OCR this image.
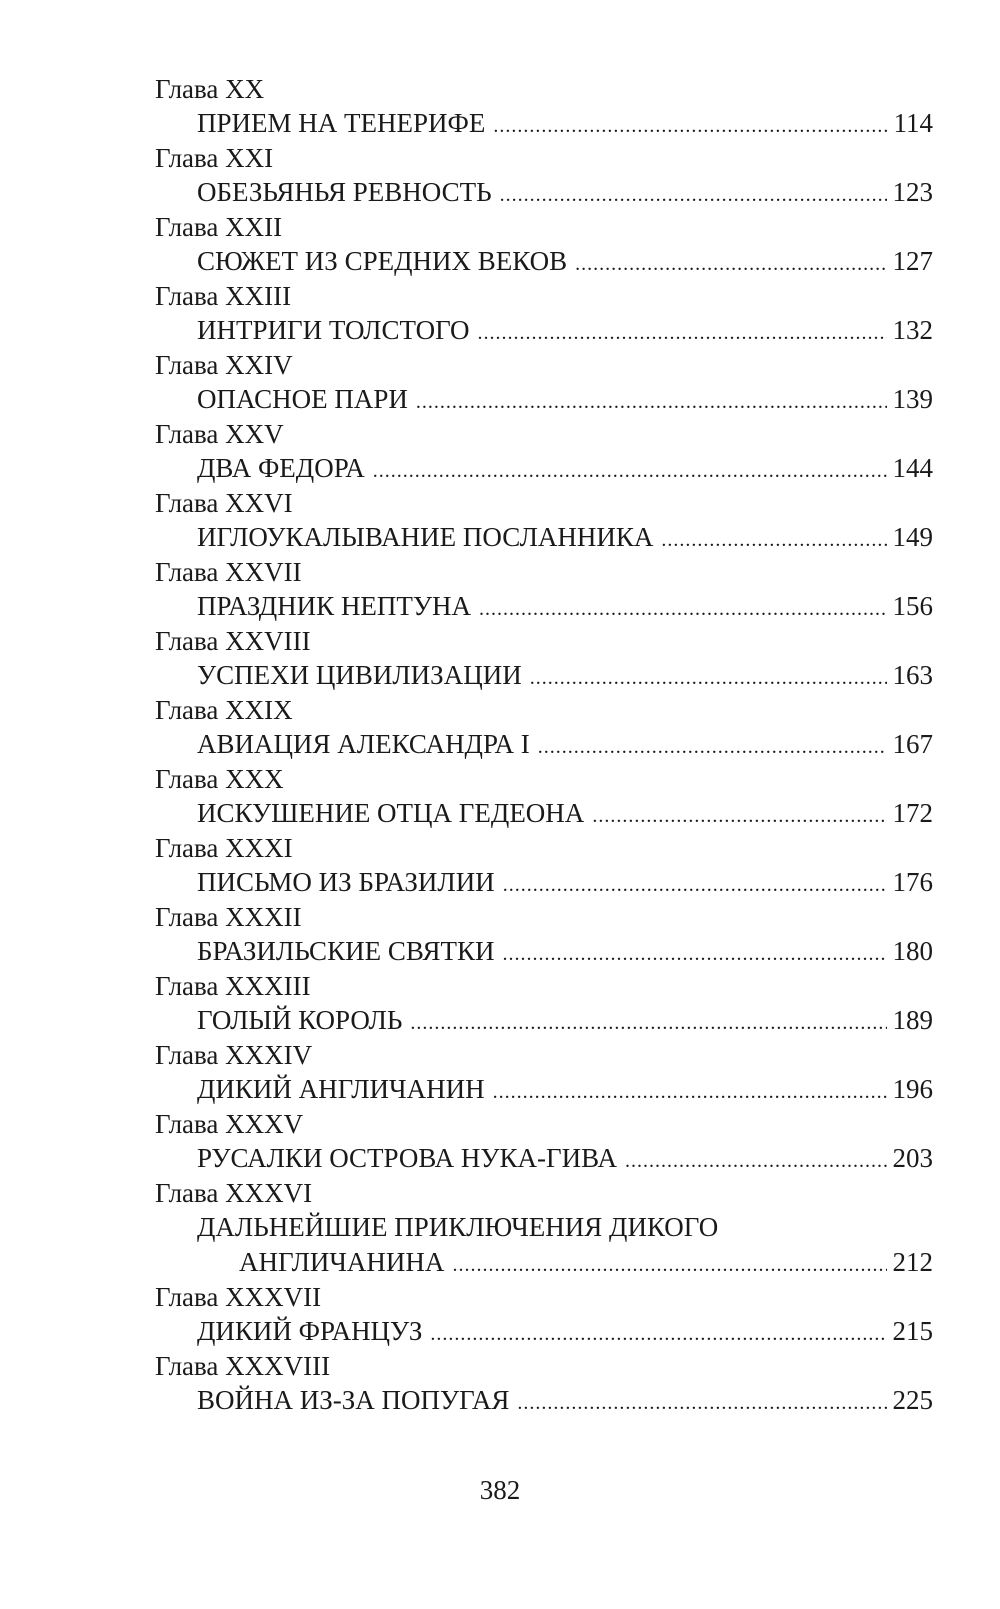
Глава XX
ПРИЕМ НА ТЕНЕРИФЕ .....	114
Глава XXI
ОБЕЗЬЯНЬЯ РЕВНОСТЬ .....	123
Глава XXII
СЮЖЕТ ИЗ СРЕДНИХ ВЕКОВ .....	127
Глава XXIII
ИНТРИГИ ТОЛСТОГО .....	132
Глава XXIV
ОПАСНОЕ ПАРИ .....	139
Глава XXV
ДВА ФЕДОРА .....	144
Глава XXVI
ИГЛОУКАЛЫВАНИЕ ПОСЛАННИКА .....	149
Глава XXVII
ПРАЗДНИК НЕПТУНА .....	156
Глава XXVIII
УСПЕХИ ЦИВИЛИЗАЦИИ .....	163
Глава XXIX
АВИАЦИЯ АЛЕКСАНДРА I .....	167
Глава XXX
ИСКУШЕНИЕ ОТЦА ГЕДЕОНА .....	172
Глава XXXI
ПИСЬМО ИЗ БРАЗИЛИИ .....	176
Глава XXXII
БРАЗИЛЬСКИЕ СВЯТКИ .....	180
Глава XXXIII
ГОЛЫЙ КОРОЛЬ .....	189
Глава XXXIV
ДИКИЙ АНГЛИЧАНИН .....	196
Глава XXXV
РУСАЛКИ ОСТРОВА НУКА-ГИВА .....	203
Глава XXXVI
ДАЛЬНЕЙШИЕ ПРИКЛЮЧЕНИЯ ДИКОГО
АНГЛИЧАНИНА .....	212
Глава XXXVII
ДИКИЙ ФРАНЦУЗ .....	215
Глава XXXVIII
ВОЙНА ИЗ-ЗА ПОПУГАЯ .....	225
382
